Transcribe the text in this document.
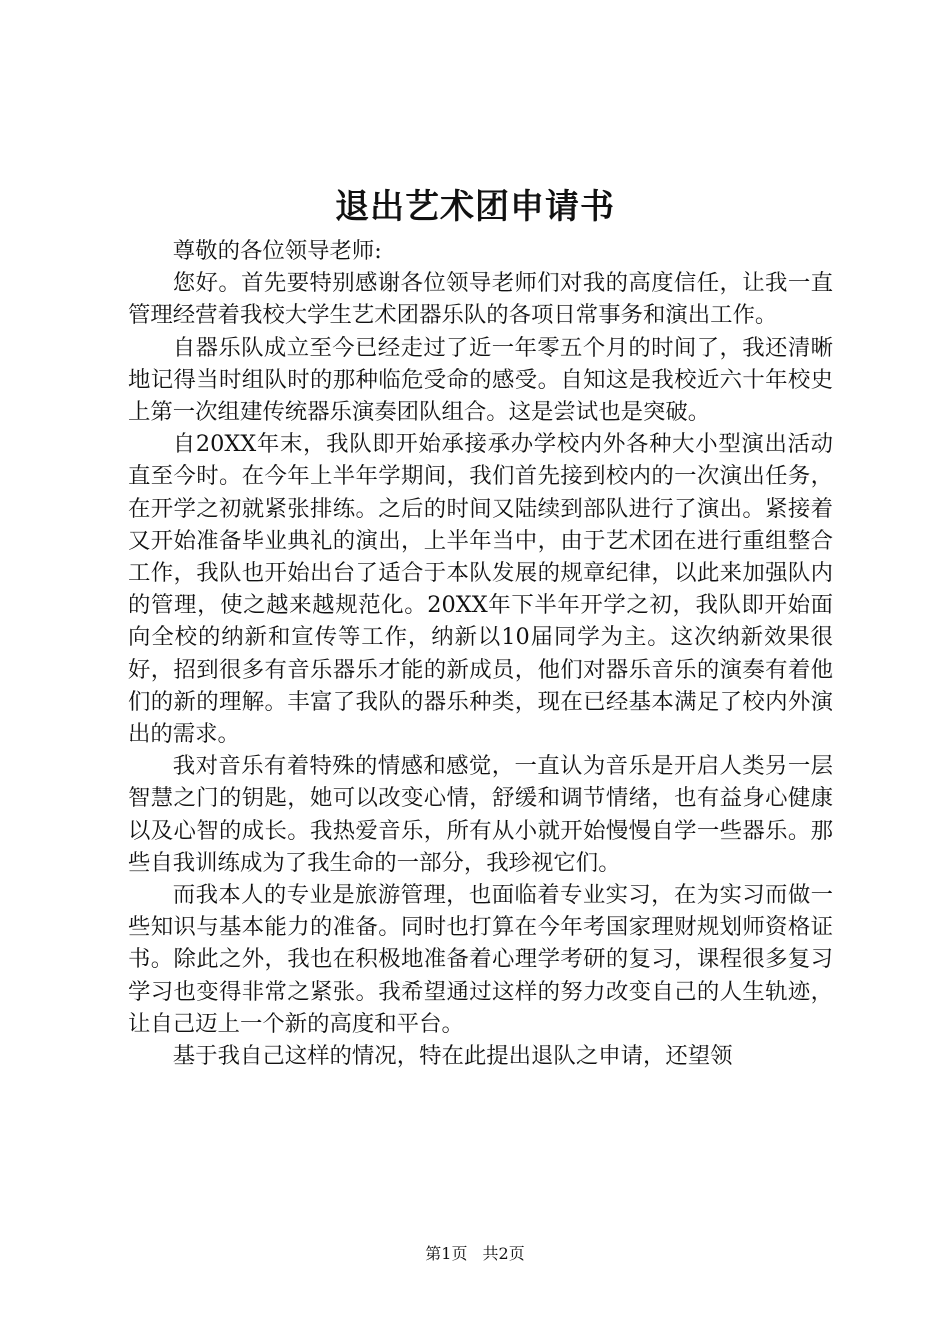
退出艺术团申请书

尊敬的各位领导老师:

您好。首先要特别感谢各位领导老师们对我的高度信任，让我一直管理经营着我校大学生艺术团器乐队的各项日常事务和演出工作。

自器乐队成立至今已经走过了近一年零五个月的时间了，我还清晰地记得当时组队时的那种临危受命的感受。自知这是我校近六十年校史上第一次组建传统器乐演奏团队组合。这是尝试也是突破。

自20XX年末，我队即开始承接承办学校内外各种大小型演出活动直至今时。在今年上半年学期间，我们首先接到校内的一次演出任务，在开学之初就紧张排练。之后的时间又陆续到部队进行了演出。紧接着又开始准备毕业典礼的演出，上半年当中，由于艺术团在进行重组整合工作，我队也开始出台了适合于本队发展的规章纪律，以此来加强队内的管理，使之越来越规范化。20XX年下半年开学之初，我队即开始面向全校的纳新和宣传等工作，纳新以10届同学为主。这次纳新效果很好，招到很多有音乐器乐才能的新成员，他们对器乐音乐的演奏有着他们的新的理解。丰富了我队的器乐种类，现在已经基本满足了校内外演出的需求。

我对音乐有着特殊的情感和感觉，一直认为音乐是开启人类另一层智慧之门的钥匙，她可以改变心情，舒缓和调节情绪，也有益身心健康以及心智的成长。我热爱音乐，所有从小就开始慢慢自学一些器乐。那些自我训练成为了我生命的一部分，我珍视它们。

而我本人的专业是旅游管理，也面临着专业实习，在为实习而做一些知识与基本能力的准备。同时也打算在今年考国家理财规划师资格证书。除此之外，我也在积极地准备着心理学考研的复习，课程很多复习学习也变得非常之紧张。我希望通过这样的努力改变自己的人生轨迹，让自己迈上一个新的高度和平台。

基于我自己这样的情况，特在此提出退队之申请，还望领

第1页 共2页
